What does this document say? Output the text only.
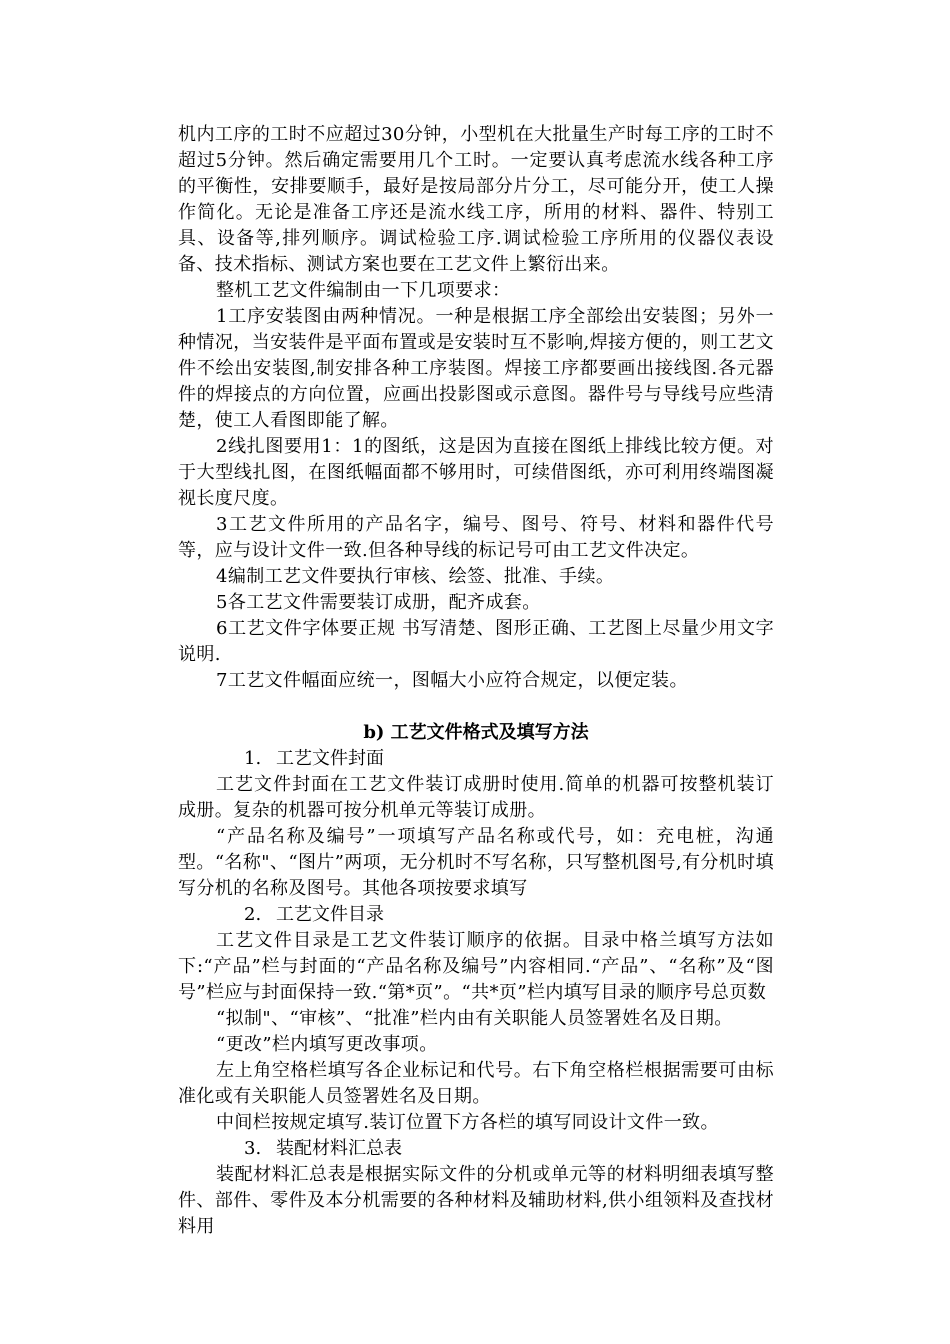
机内工序的工时不应超过30分钟，小型机在大批量生产时每工序的工时不超过5分钟。然后确定需要用几个工时。一定要认真考虑流水线各种工序的平衡性，安排要顺手，最好是按局部分片分工，尽可能分开，使工人操作简化。无论是准备工序还是流水线工序，所用的材料、器件、特别工具、设备等,排列顺序。调试检验工序.调试检验工序所用的仪器仪表设备、技术指标、测试方案也要在工艺文件上繁衍出来。

整机工艺文件编制由一下几项要求：

1工序安装图由两种情况。一种是根据工序全部绘出安装图；另外一种情况，当安装件是平面布置或是安装时互不影响,焊接方便的，则工艺文件不绘出安装图,制安排各种工序装图。焊接工序都要画出接线图.各元器件的焊接点的方向位置，应画出投影图或示意图。器件号与导线号应些清楚，使工人看图即能了解。

2线扎图要用1：1的图纸，这是因为直接在图纸上排线比较方便。对于大型线扎图，在图纸幅面都不够用时，可续借图纸，亦可利用终端图凝视长度尺度。

3工艺文件所用的产品名字，编号、图号、符号、材料和器件代号等，应与设计文件一致.但各种导线的标记号可由工艺文件决定。

4编制工艺文件要执行审核、绘签、批准、手续。

5各工艺文件需要装订成册，配齐成套。

6工艺文件字体要正规 书写清楚、图形正确、工艺图上尽量少用文字说明.

7工艺文件幅面应统一，图幅大小应符合规定，以便定装。

b) 工艺文件格式及填写方法

1. 工艺文件封面

工艺文件封面在工艺文件装订成册时使用.简单的机器可按整机装订成册。复杂的机器可按分机单元等装订成册。

“产品名称及编号”一项填写产品名称或代号，如：充电桩，沟通型。“名称"、“图片”两项，无分机时不写名称，只写整机图号,有分机时填写分机的名称及图号。其他各项按要求填写

2. 工艺文件目录

工艺文件目录是工艺文件装订顺序的依据。目录中格兰填写方法如下:“产品”栏与封面的“产品名称及编号”内容相同.“产品”、“名称”及“图号”栏应与封面保持一致.“第*页”。“共*页”栏内填写目录的顺序号总页数

“拟制"、“审核”、“批准”栏内由有关职能人员签署姓名及日期。

“更改”栏内填写更改事项。

左上角空格栏填写各企业标记和代号。右下角空格栏根据需要可由标准化或有关职能人员签署姓名及日期。

中间栏按规定填写.装订位置下方各栏的填写同设计文件一致。

3. 装配材料汇总表

装配材料汇总表是根据实际文件的分机或单元等的材料明细表填写整件、部件、零件及本分机需要的各种材料及辅助材料,供小组领料及查找材料用
